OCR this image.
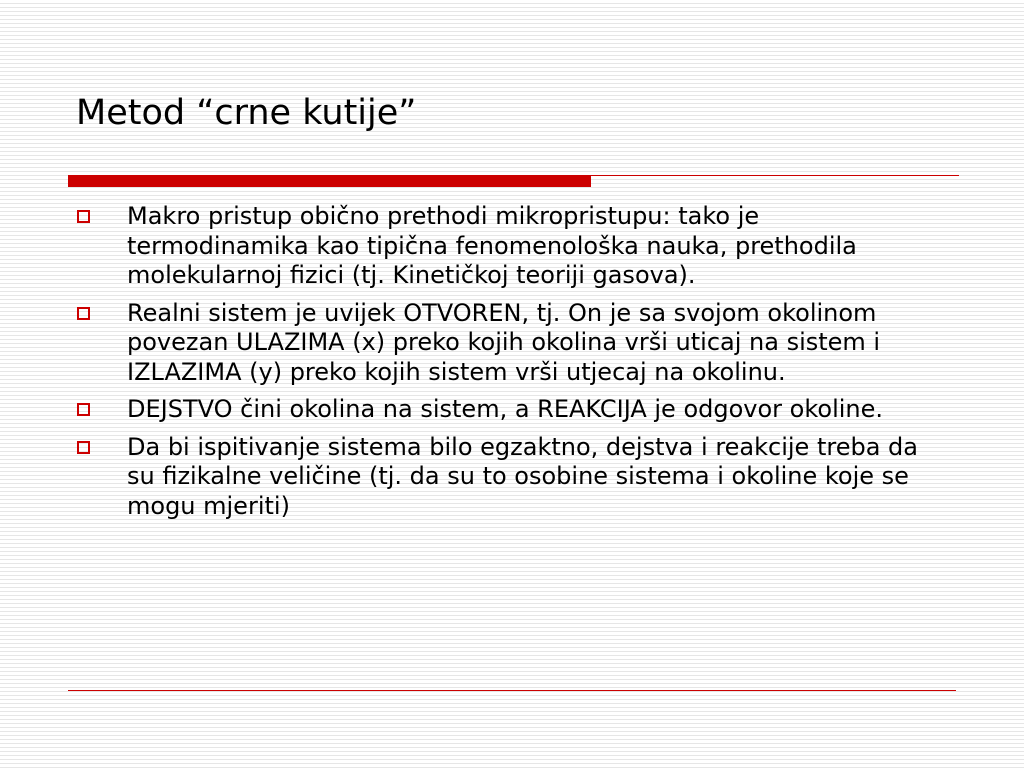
Metod “crne kutije”
Makro pristup obično prethodi mikropristupu: tako je termodinamika kao tipična fenomenološka nauka, prethodila molekularnoj fizici (tj. Kinetičkoj teoriji gasova).
Realni sistem je uvijek OTVOREN, tj. On je sa svojom okolinom povezan ULAZIMA (x) preko kojih okolina vrši uticaj na sistem i IZLAZIMA (y) preko kojih sistem vrši utjecaj na okolinu.
DEJSTVO čini okolina na sistem, a REAKCIJA je odgovor okoline.
Da bi ispitivanje sistema bilo egzaktno, dejstva i reakcije treba da su fizikalne veličine (tj. da su to osobine sistema i okoline koje se mogu mjeriti)
